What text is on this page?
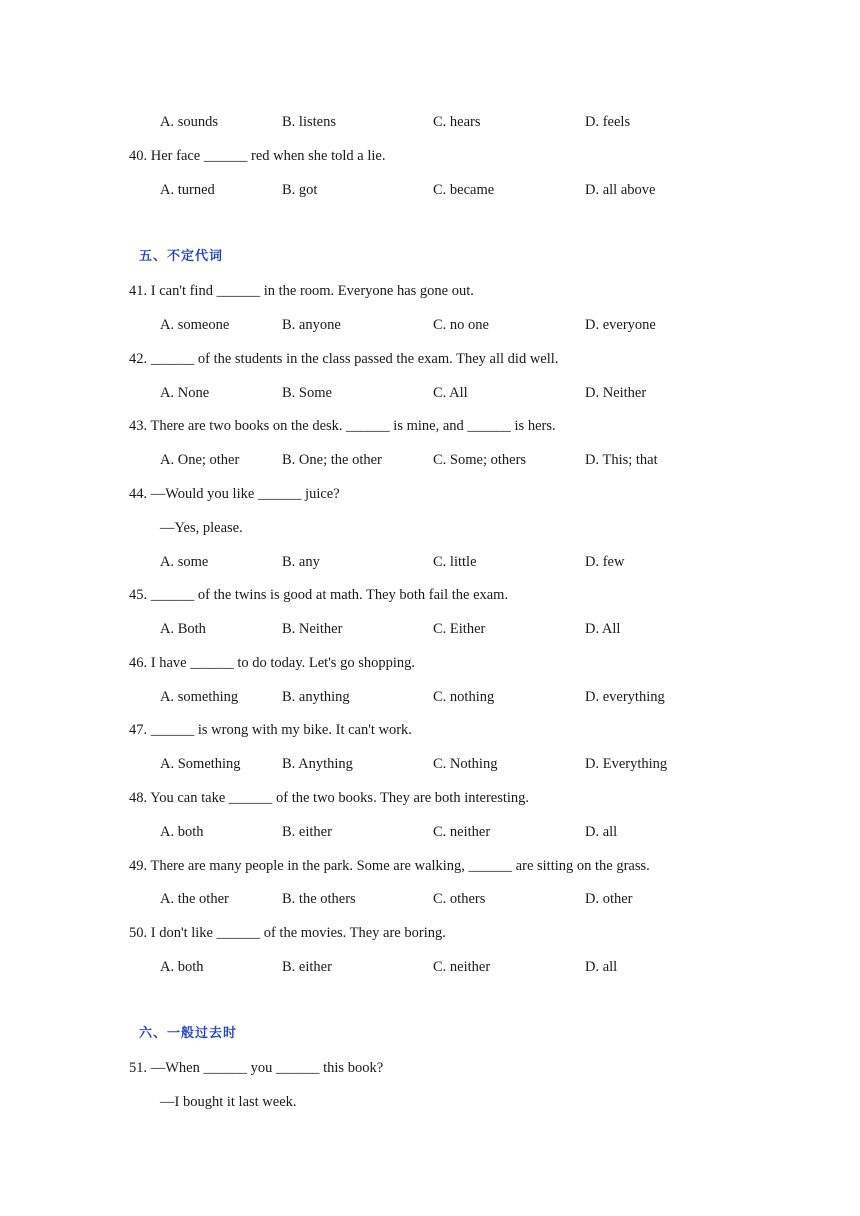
A. sounds	B. listens	C. hears	D. feels
40. Her face ______ red when she told a lie.
A. turned	B. got	C. became	D. all above
五、不定代词
41. I can't find ______ in the room. Everyone has gone out.
A. someone	B. anyone	C. no one	D. everyone
42. ______ of the students in the class passed the exam. They all did well.
A. None	B. Some	C. All	D. Neither
43. There are two books on the desk. ______ is mine, and ______ is hers.
A. One; other	B. One; the other	C. Some; others	D. This; that
44. —Would you like ______ juice?
—Yes, please.
A. some	B. any	C. little	D. few
45. ______ of the twins is good at math. They both fail the exam.
A. Both	B. Neither	C. Either	D. All
46. I have ______ to do today. Let's go shopping.
A. something	B. anything	C. nothing	D. everything
47. ______ is wrong with my bike. It can't work.
A. Something	B. Anything	C. Nothing	D. Everything
48. You can take ______ of the two books. They are both interesting.
A. both	B. either	C. neither	D. all
49. There are many people in the park. Some are walking, ______ are sitting on the grass.
A. the other	B. the others	C. others	D. other
50. I don't like ______ of the movies. They are boring.
A. both	B. either	C. neither	D. all
六、一般过去时
51. —When ______ you ______ this book?
—I bought it last week.
